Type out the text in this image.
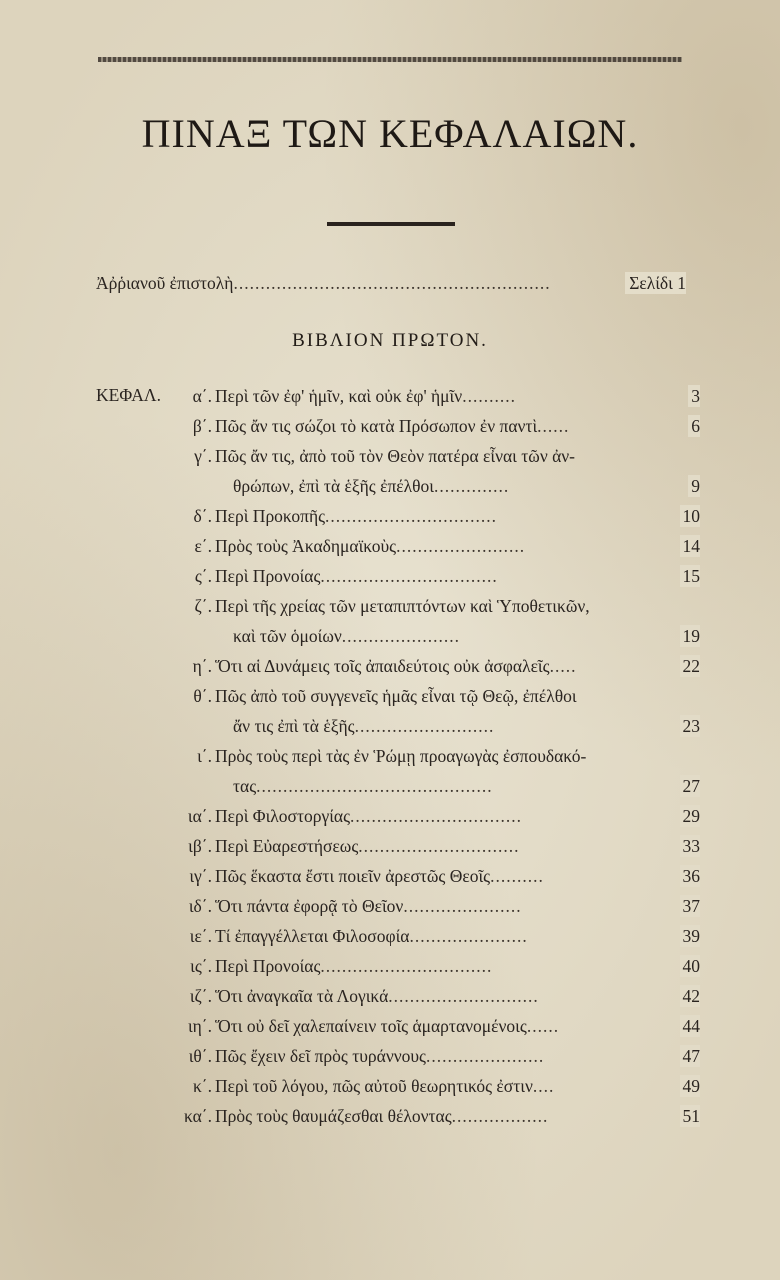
ΠΙΝΑΞ ΤΩΝ ΚΕΦΑΛΑΙΩΝ.
Ἀῤῥιανοῦ ἐπιστολὴ...........................................................	Σελίδι 1
ΒΙΒΛΙΟΝ ΠΡΩΤΟΝ.
ΚΕΦΑΛ.	α΄. Περὶ τῶν ἐφ' ἡμῖν, καὶ οὐκ ἐφ' ἡμῖν..........	3
β΄. Πῶς ἄν τις σώζοι τὸ κατὰ Πρόσωπον ἐν παντὶ......	6
γ΄. Πῶς ἄν τις, ἀπὸ τοῦ τὸν Θεὸν πατέρα εἶναι τῶν ἀν-
θρώπων, ἐπὶ τὰ ἑξῆς ἐπέλθοι..............	9
δ΄. Περὶ Προκοπῆς................................	10
ε΄. Πρὸς τοὺς Ἀκαδημαϊκοὺς........................	14
ς΄. Περὶ Προνοίας.................................	15
ζ΄. Περὶ τῆς χρείας τῶν μεταπιπτόντων καὶ Ὑποθετικῶν,
καὶ τῶν ὁμοίων......................	19
η΄. Ὅτι αἱ Δυνάμεις τοῖς ἀπαιδεύτοις οὐκ ἀσφαλεῖς.....	22
θ΄. Πῶς ἀπὸ τοῦ συγγενεῖς ἡμᾶς εἶναι τῷ Θεῷ, ἐπέλθοι
ἄν τις ἐπὶ τὰ ἑξῆς..........................	23
ι΄. Πρὸς τοὺς περὶ τὰς ἐν Ῥώμῃ προαγωγὰς ἐσπουδακό-
τας............................................	27
ια΄. Περὶ Φιλοστοργίας................................	29
ιβ΄. Περὶ Εὐαρεστήσεως..............................	33
ιγ΄. Πῶς ἕκαστα ἔστι ποιεῖν ἀρεστῶς Θεοῖς..........	36
ιδ΄. Ὅτι πάντα ἐφορᾷ τὸ Θεῖον......................	37
ιε΄. Τί ἐπαγγέλλεται Φιλοσοφία......................	39
ις΄. Περὶ Προνοίας................................	40
ιζ΄. Ὅτι ἀναγκαῖα τὰ Λογικά............................	42
ιη΄. Ὅτι οὐ δεῖ χαλεπαίνειν τοῖς ἁμαρτανομένοις......	44
ιθ΄. Πῶς ἔχειν δεῖ πρὸς τυράννους......................	47
κ΄. Περὶ τοῦ λόγου, πῶς αὐτοῦ θεωρητικός ἐστιν....	49
κα΄. Πρὸς τοὺς θαυμάζεσθαι θέλοντας..................	51
